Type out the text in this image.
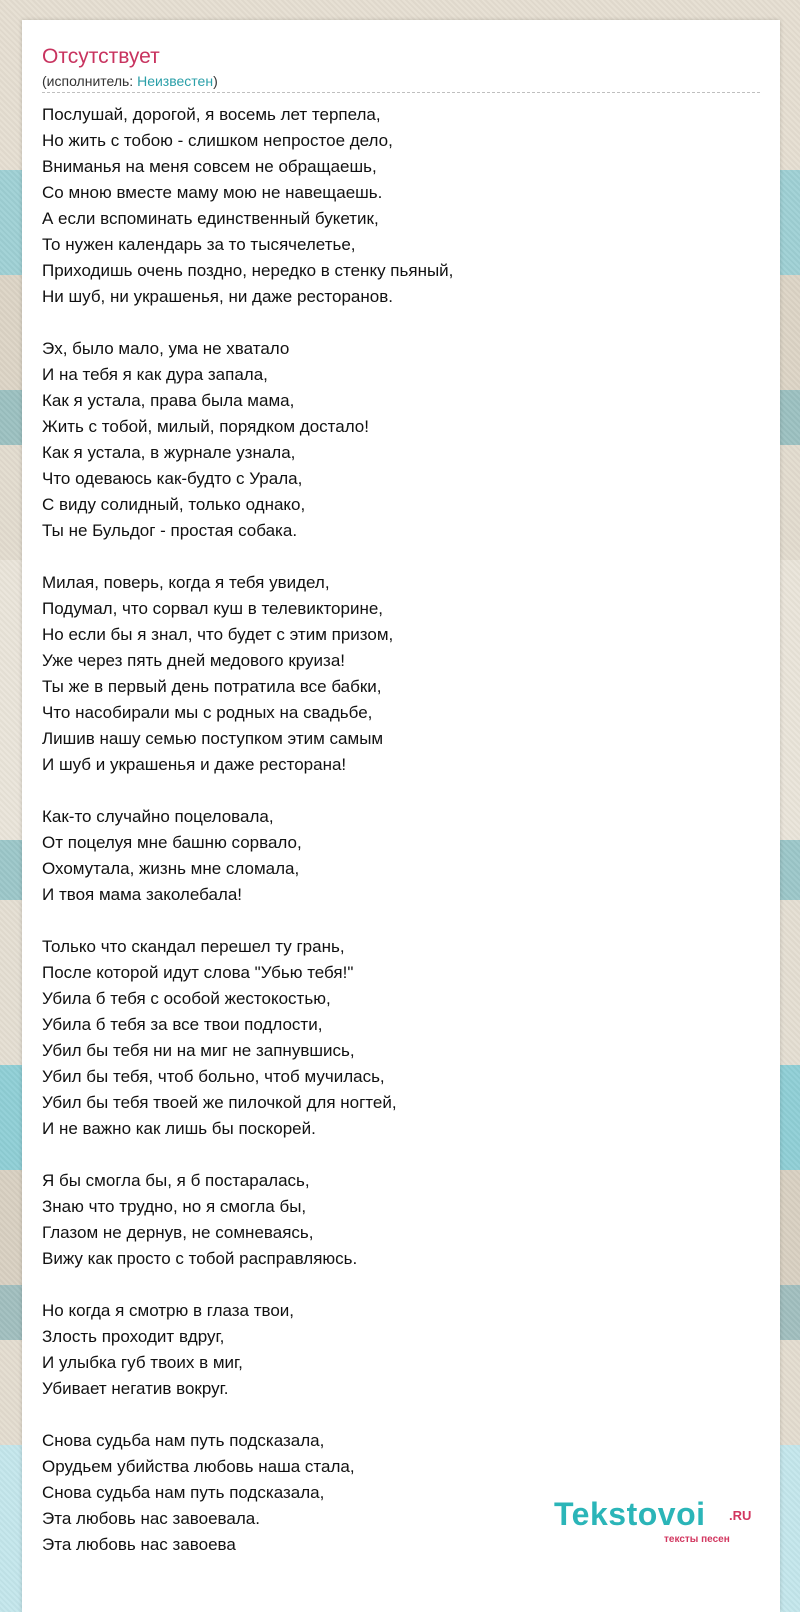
Отсутствует
(исполнитель: Неизвестен)
Послушай, дорогой, я восемь лет терпела,
Но жить с тобою - слишком непростое дело,
Вниманья на меня совсем не обращаешь,
Со мною вместе маму мою не навещаешь.
А если вспоминать единственный букетик,
То нужен календарь за то тысячелетье,
Приходишь очень поздно, нередко в стенку пьяный,
Ни шуб, ни украшенья, ни даже ресторанов.
Эх, было мало, ума не хватало
И на тебя я как дура запала,
Как я устала, права была мама,
Жить с тобой, милый, порядком достало!
Как я устала, в журнале узнала,
Что одеваюсь как-будто с Урала,
С виду солидный, только однако,
Ты не Бульдог - простая собака.
Милая, поверь, когда я тебя увидел,
Подумал, что сорвал куш в телевикторине,
Но если бы я знал, что будет с этим призом,
Уже через пять дней медового круиза!
Ты же в первый день потратила все бабки,
Что насобирали мы с родных на свадьбе,
Лишив нашу семью поступком этим самым
И шуб и украшенья и даже ресторана!
Как-то случайно поцеловала,
От поцелуя мне башню сорвало,
Охомутала, жизнь мне сломала,
И твоя мама заколебала!
Только что скандал перешел ту грань,
После которой идут слова "Убью тебя!"
Убила б тебя с особой жестокостью,
Убила б тебя за все твои подлости,
Убил бы тебя ни на миг не запнувшись,
Убил бы тебя, чтоб больно, чтоб мучилась,
Убил бы тебя твоей же пилочкой для ногтей,
И не важно как лишь бы поскорей.
Я бы смогла бы, я б постаралась,
Знаю что трудно, но я смогла бы,
Глазом не дернув, не сомневаясь,
Вижу как просто с тобой расправляюсь.
Но когда я смотрю в глаза твои,
Злость проходит вдруг,
И улыбка губ твоих в миг,
Убивает негатив вокруг.
Снова судьба нам путь подсказала,
Орудьем убийства любовь наша стала,
Снова судьба нам путь подсказала,
Эта любовь нас завоевала.
Эта любовь нас завоева
Tekstovoi .RU
тексты песен
